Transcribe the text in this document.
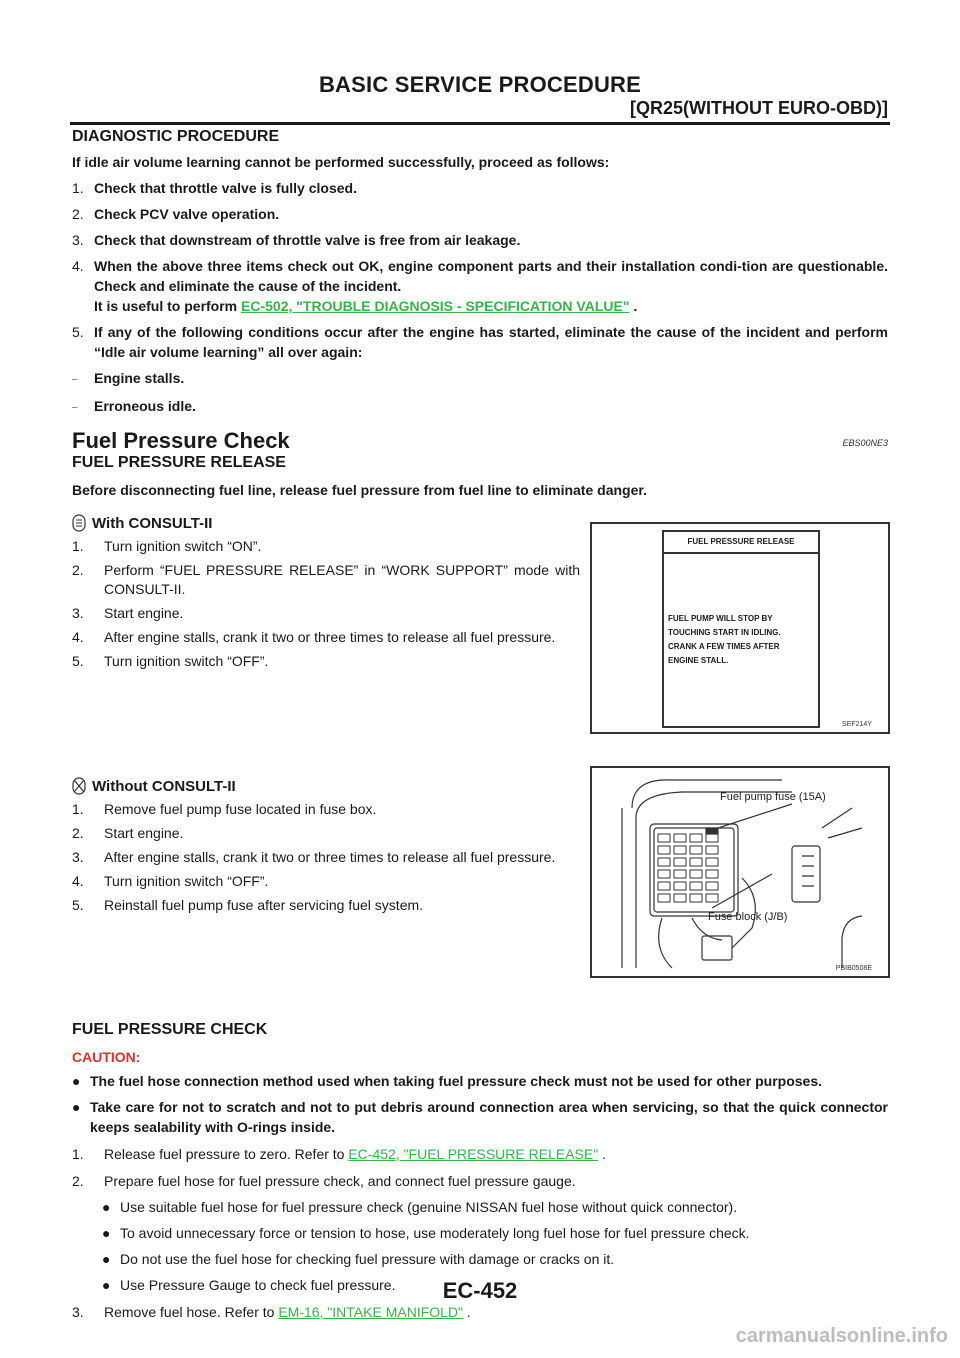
BASIC SERVICE PROCEDURE
[QR25(WITHOUT EURO-OBD)]

DIAGNOSTIC PROCEDURE

If idle air volume learning cannot be performed successfully, proceed as follows:

1. Check that throttle valve is fully closed.
2. Check PCV valve operation.
3. Check that downstream of throttle valve is free from air leakage.
4. When the above three items check out OK, engine component parts and their installation condi-tion are questionable. Check and eliminate the cause of the incident.
It is useful to perform EC-502, "TROUBLE DIAGNOSIS - SPECIFICATION VALUE" .
5. If any of the following conditions occur after the engine has started, eliminate the cause of the incident and perform “Idle air volume learning” all over again:
–	Engine stalls.
–	Erroneous idle.

Fuel Pressure Check	EBS00NE3

FUEL PRESSURE RELEASE

Before disconnecting fuel line, release fuel pressure from fuel line to eliminate danger.

With CONSULT-II
1.	Turn ignition switch “ON”.
2.	Perform “FUEL PRESSURE RELEASE” in “WORK SUPPORT” mode with CONSULT-II.
3.	Start engine.
4.	After engine stalls, crank it two or three times to release all fuel pressure.
5.	Turn ignition switch “OFF”.
Without CONSULT-II
1.	Remove fuel pump fuse located in fuse box.
2.	Start engine.
3.	After engine stalls, crank it two or three times to release all fuel pressure.
4.	Turn ignition switch “OFF”.
5.	Reinstall fuel pump fuse after servicing fuel system.

FUEL PRESSURE CHECK

CAUTION:
● The fuel hose connection method used when taking fuel pressure check must not be used for other purposes.
● Take care for not to scratch and not to put debris around connection area when servicing, so that the quick connector keeps sealability with O-rings inside.
1.	Release fuel pressure to zero. Refer to EC-452, "FUEL PRESSURE RELEASE" .
2.	Prepare fuel hose for fuel pressure check, and connect fuel pressure gauge.
● Use suitable fuel hose for fuel pressure check (genuine NISSAN fuel hose without quick connector).
● To avoid unnecessary force or tension to hose, use moderately long fuel hose for fuel pressure check.
● Do not use the fuel hose for checking fuel pressure with damage or cracks on it.
● Use Pressure Gauge to check fuel pressure.
3.	Remove fuel hose. Refer to EM-16, "INTAKE MANIFOLD" .
FUEL PRESSURE RELEASE
FUEL PUMP WILL STOP BY
TOUCHING START IN IDLING.
CRANK A FEW TIMES AFTER
ENGINE STALL.
SEF214Y
Fuel pump fuse (15A)
Fuse block (J/B)
PBIB0508E
EC-452
carmanualsonline.info
